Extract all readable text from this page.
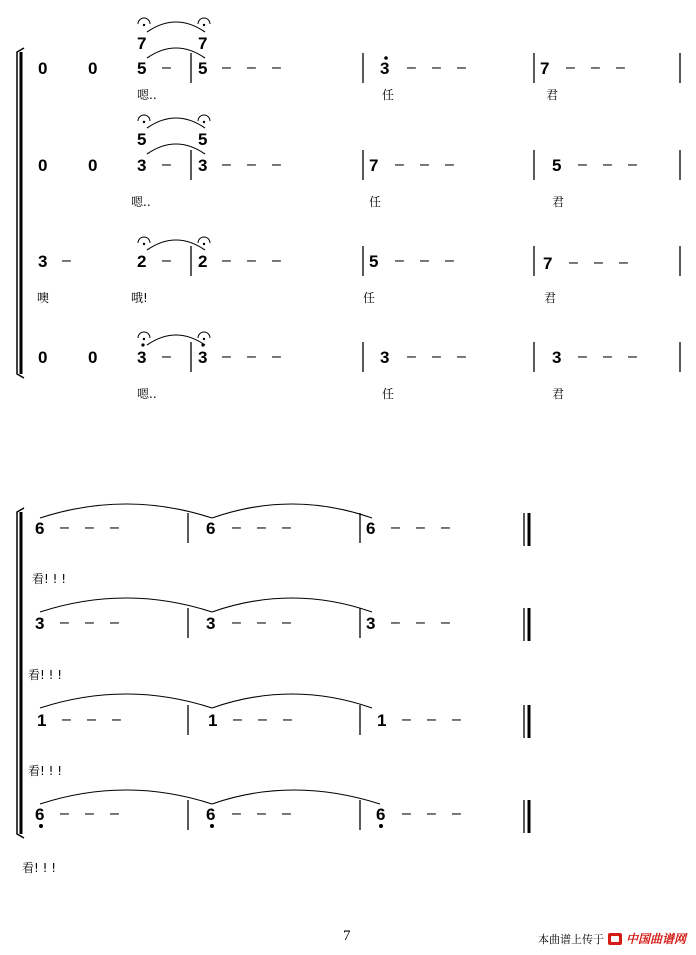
7	7
0 0 5 – 5 – – –	3 – – –	7 – – –
嗯..	任	君
5	5
0 0 3 – 3 – – –	7 – – –	5 – – –
嗯..	任	君
3 –	2 – 2 – – –	5 – – –	7 – – –
噢	哦!	任	君
0 0 3 – 3 – – –	3 – – –	3 – – –
嗯..	任	君
6 – – –	6 – – –	6 – – –
看! ! !
3 – – –	3 – – –	3 – – –
看! ! !
1 – – –	1 – – –	1 – – –
看! ! !
6 – – –	6 – – –	6 – – –
看! ! !
7	本曲谱上传于 中国曲谱网
